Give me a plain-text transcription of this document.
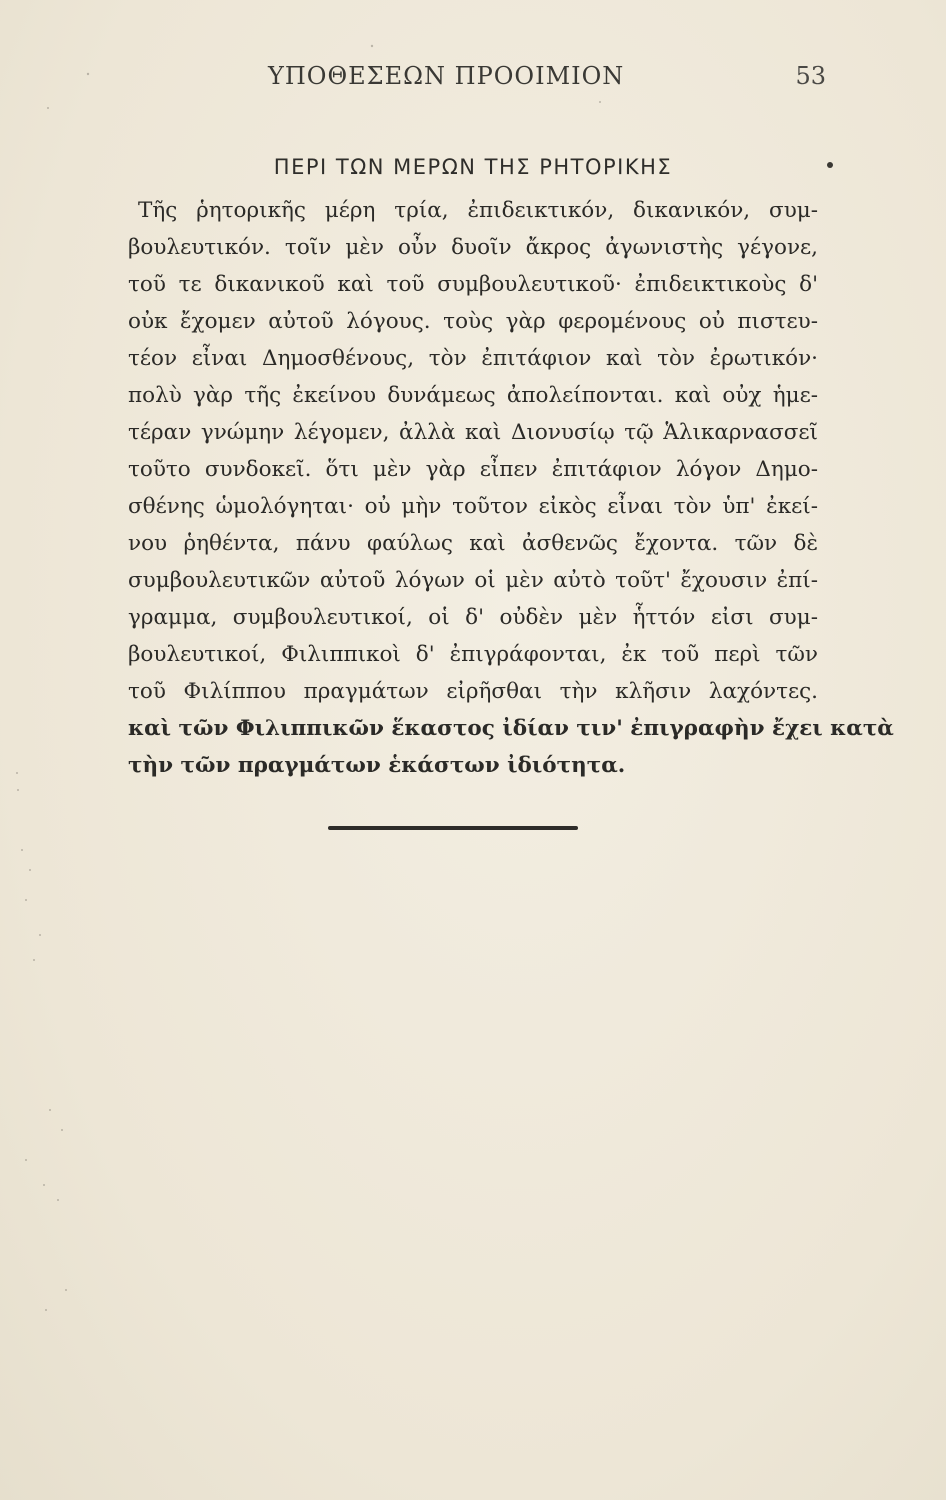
ΥΠΟΘΕΣΕΩΝ ΠΡΟΟΙΜΙΟΝ	53
ΠΕΡΙ ΤΩΝ ΜΕΡΩΝ ΤΗΣ ΡΗΤΟΡΙΚΗΣ
Τῆς ῥητορικῆς μέρη τρία, ἐπιδεικτικόν, δικανικόν, συμ-
βουλευτικόν. τοῖν μὲν οὖν δυοῖν ἄκρος ἀγωνιστὴς γέγονε,
τοῦ τε δικανικοῦ καὶ τοῦ συμβουλευτικοῦ· ἐπιδεικτικοὺς δ'
οὐκ ἔχομεν αὐτοῦ λόγους. τοὺς γὰρ φερομένους οὐ πιστευ-
τέον εἶναι Δημοσθένους, τὸν ἐπιτάφιον καὶ τὸν ἐρωτικόν·
πολὺ γὰρ τῆς ἐκείνου δυνάμεως ἀπολείπονται. καὶ οὐχ ἡμε-
τέραν γνώμην λέγομεν, ἀλλὰ καὶ Διονυσίῳ τῷ Ἁλικαρνασσεῖ
τοῦτο συνδοκεῖ. ὅτι μὲν γὰρ εἶπεν ἐπιτάφιον λόγον Δημο-
σθένης ὡμολόγηται· οὐ μὴν τοῦτον εἰκὸς εἶναι τὸν ὑπ' ἐκεί-
νου ῥηθέντα, πάνυ φαύλως καὶ ἀσθενῶς ἔχοντα. τῶν δὲ
συμβουλευτικῶν αὐτοῦ λόγων οἱ μὲν αὐτὸ τοῦτ' ἔχουσιν ἐπί-
γραμμα, συμβουλευτικοί, οἱ δ' οὐδὲν μὲν ἧττόν εἰσι συμ-
βουλευτικοί, Φιλιππικοὶ δ' ἐπιγράφονται, ἐκ τοῦ περὶ τῶν
τοῦ Φιλίππου πραγμάτων εἰρῆσθαι τὴν κλῆσιν λαχόντες.
καὶ τῶν Φιλιππικῶν ἕκαστος ἰδίαν τιν' ἐπιγραφὴν ἔχει κατὰ
τὴν τῶν πραγμάτων ἑκάστων ἰδιότητα.
